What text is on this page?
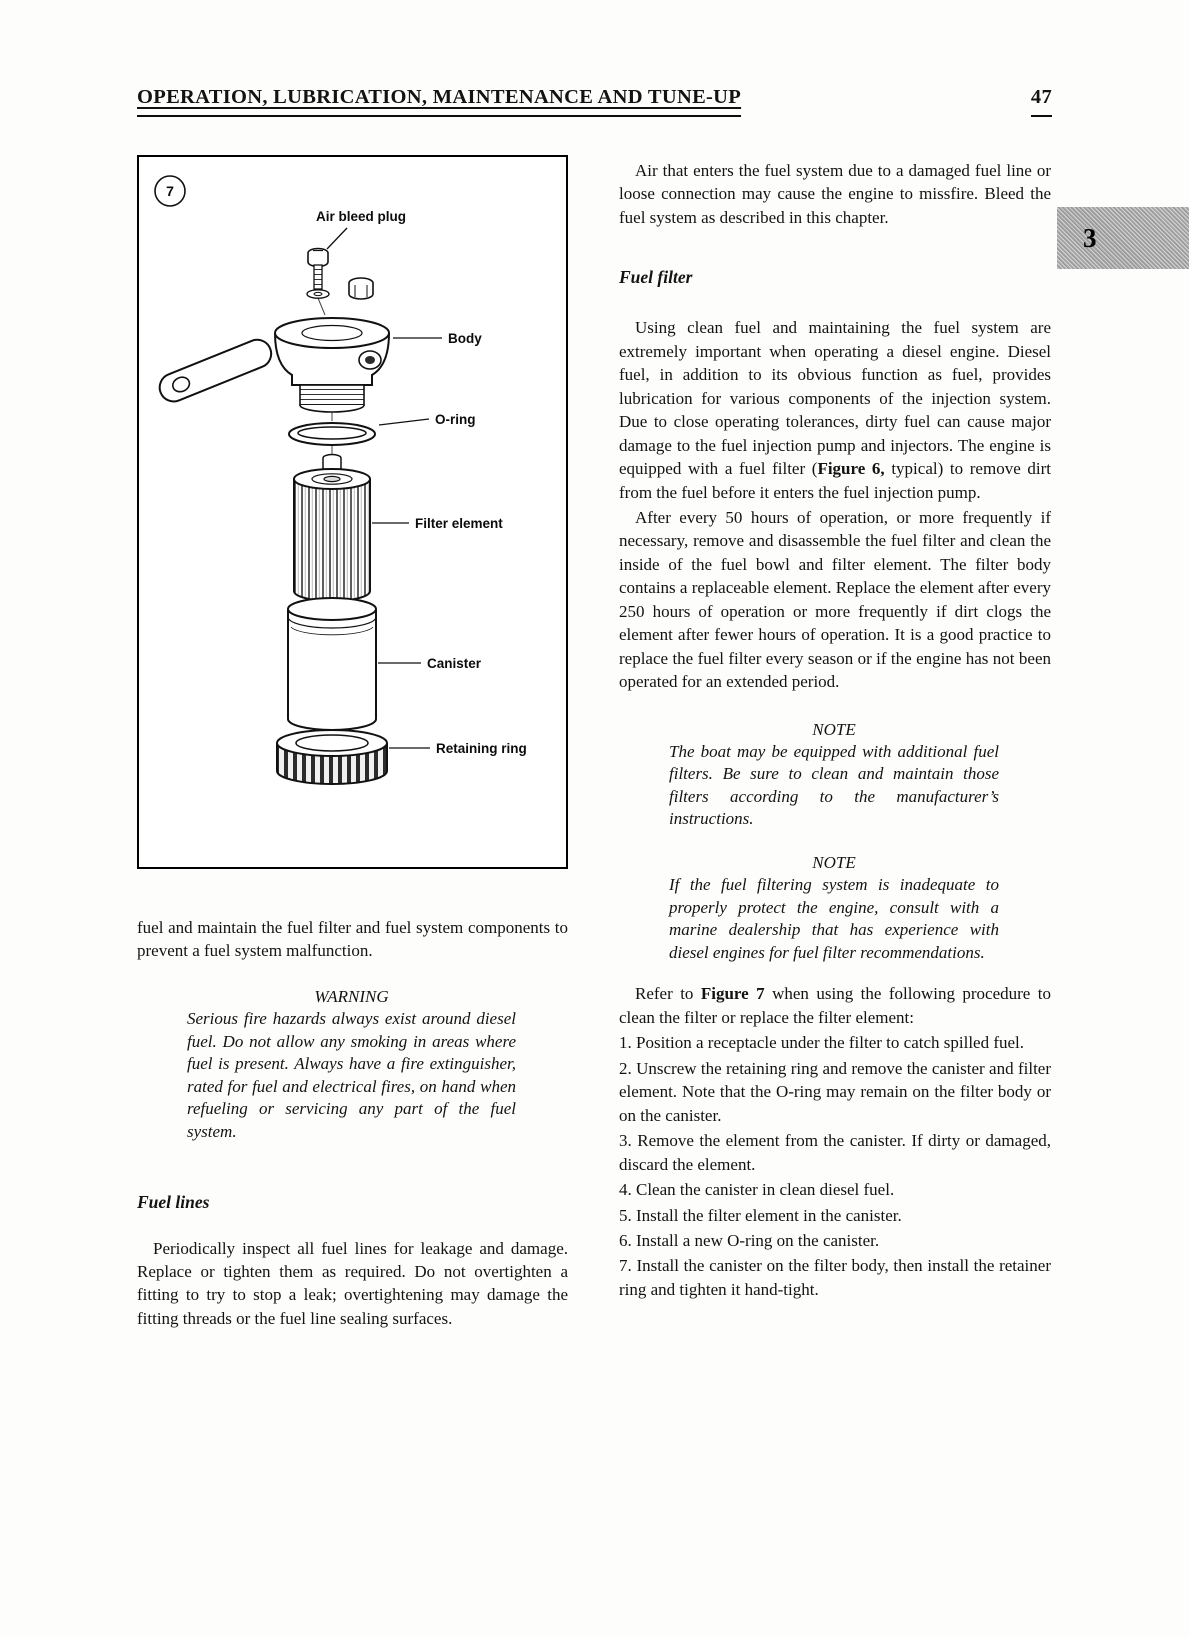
OPERATION, LUBRICATION, MAINTENANCE AND TUNE-UP	47
3
7
Air bleed plug
Body
O-ring
Filter element
Canister
Retaining ring

fuel and maintain the fuel filter and fuel system components to prevent a fuel system malfunction.

WARNING

Serious fire hazards always exist around diesel fuel. Do not allow any smoking in areas where fuel is present. Always have a fire extinguisher, rated for fuel and electrical fires, on hand when refueling or servicing any part of the fuel system.

Fuel lines

Periodically inspect all fuel lines for leakage and damage. Replace or tighten them as required. Do not overtighten a fitting to try to stop a leak; overtightening may damage the fitting threads or the fuel line sealing surfaces.

Air that enters the fuel system due to a damaged fuel line or loose connection may cause the engine to missfire. Bleed the fuel system as described in this chapter.

Fuel filter

Using clean fuel and maintaining the fuel system are extremely important when operating a diesel engine. Diesel fuel, in addition to its obvious function as fuel, provides lubrication for various components of the injection system. Due to close operating tolerances, dirty fuel can cause major damage to the fuel injection pump and injectors. The engine is equipped with a fuel filter (Figure 6, typical) to remove dirt from the fuel before it enters the fuel injection pump.

After every 50 hours of operation, or more frequently if necessary, remove and disassemble the fuel filter and clean the inside of the fuel bowl and filter element. The filter body contains a replaceable element. Replace the element after every 250 hours of operation or more frequently if dirt clogs the element after fewer hours of operation. It is a good practice to replace the fuel filter every season or if the engine has not been operated for an extended period.

NOTE

The boat may be equipped with additional fuel filters. Be sure to clean and maintain those filters according to the manufacturer’s instructions.

NOTE

If the fuel filtering system is inadequate to properly protect the engine, consult with a marine dealership that has experience with diesel engines for fuel filter recommendations.

Refer to Figure 7 when using the following procedure to clean the filter or replace the filter element:

1. Position a receptacle under the filter to catch spilled fuel.

2. Unscrew the retaining ring and remove the canister and filter element. Note that the O-ring may remain on the filter body or on the canister.

3. Remove the element from the canister. If dirty or damaged, discard the element.

4. Clean the canister in clean diesel fuel.

5. Install the filter element in the canister.

6. Install a new O-ring on the canister.

7. Install the canister on the filter body, then install the retainer ring and tighten it hand-tight.
